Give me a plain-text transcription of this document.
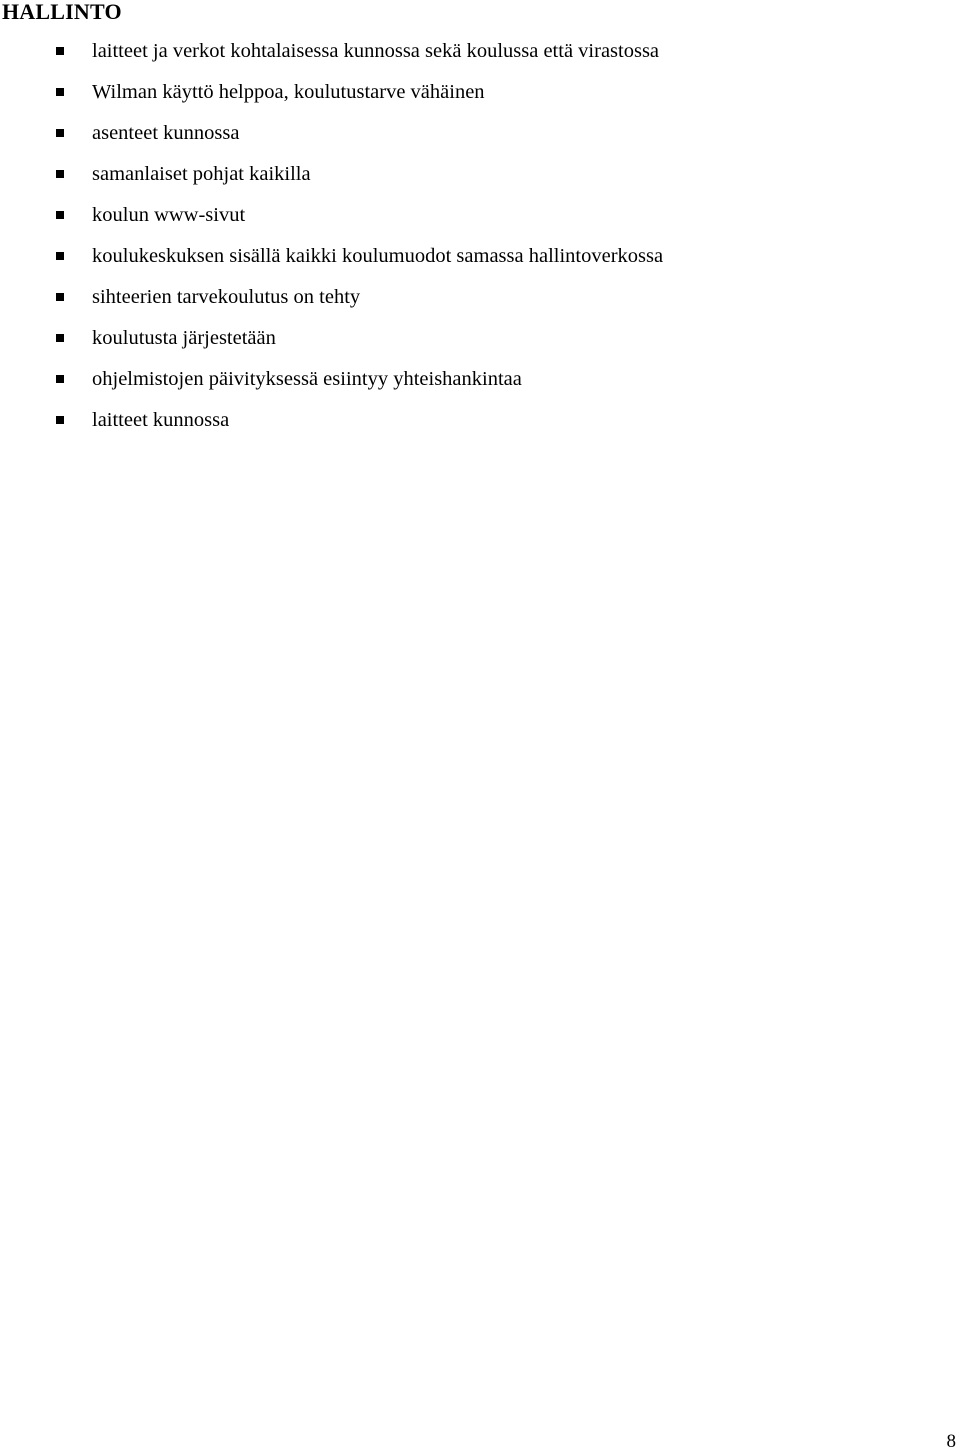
HALLINTO
laitteet ja verkot kohtalaisessa kunnossa sekä koulussa että virastossa
Wilman käyttö helppoa, koulutustarve vähäinen
asenteet kunnossa
samanlaiset pohjat kaikilla
koulun www-sivut
koulukeskuksen sisällä kaikki koulumuodot samassa hallintoverkossa
sihteerien tarvekoulutus on tehty
koulutusta järjestetään
ohjelmistojen päivityksessä esiintyy yhteishankintaa
laitteet kunnossa
8
